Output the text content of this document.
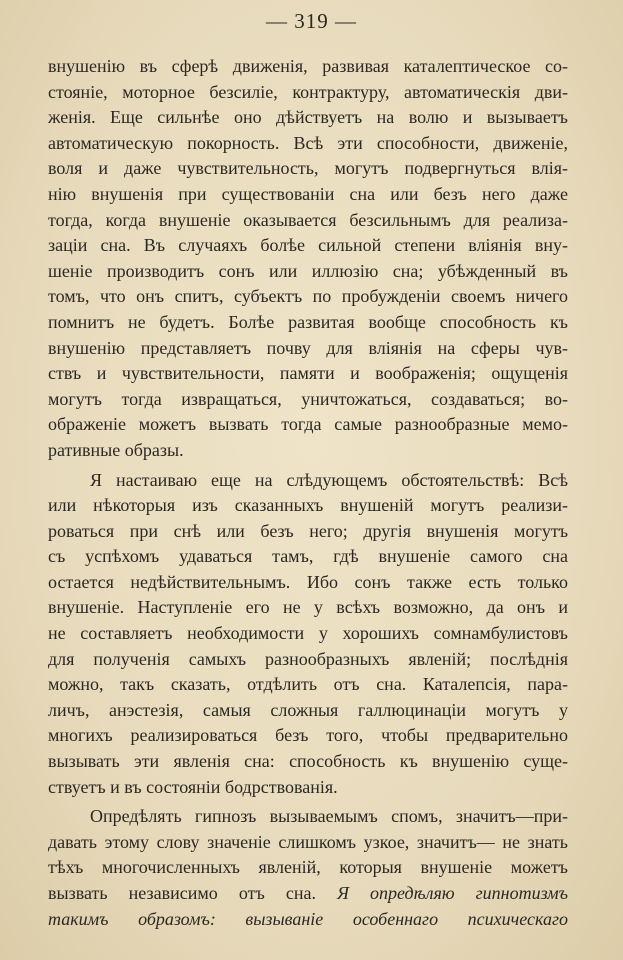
— 319 —
внушенію въ сферѣ движенія, развивая каталептическое со-
стояніе, моторное безсиліе, контрактуру, автоматическія дви-
женія. Еще сильнѣе оно дѣйствуетъ на волю и вызываетъ
автоматическую покорность. Всѣ эти способности, движеніе,
воля и даже чувствительность, могутъ подвергнуться влія-
нію внушенія при существованіи сна или безъ него даже
тогда, когда внушеніе оказывается безсильнымъ для реализа-
заціи сна. Въ случаяхъ болѣе сильной степени вліянія вну-
шеніе производитъ сонъ или иллюзію сна; убѣжденный въ
томъ, что онъ спитъ, субъектъ по пробужденіи своемъ ничего
помнитъ не будетъ. Болѣе развитая вообще способность къ
внушенію представляетъ почву для вліянія на сферы чув-
ствъ и чувствительности, памяти и воображенія; ощущенія
могутъ тогда извращаться, уничтожаться, создаваться; во-
ображеніе можетъ вызвать тогда самые разнообразные мемо-
ративные образы.
Я настаиваю еще на слѣдующемъ обстоятельствѣ: Всѣ
или нѣкоторыя изъ сказанныхъ внушеній могутъ реализи-
роваться при снѣ или безъ него; другія внушенія могутъ
съ успѣхомъ удаваться тамъ, гдѣ внушеніе самого сна
остается недѣйствительнымъ. Ибо сонъ также есть только
внушеніе. Наступленіе его не у всѣхъ возможно, да онъ и
не составляетъ необходимости у хорошихъ сомнамбулистовъ
для полученія самыхъ разнообразныхъ явленій; послѣднія
можно, такъ сказать, отдѣлить отъ сна. Каталепсія, пара-
личъ, анэстезія, самыя сложныя галлюцинаціи могутъ у
многихъ реализироваться безъ того, чтобы предварительно
вызывать эти явленія сна: способность къ внушенію суще-
ствуетъ и въ состояніи бодрствованія.
Опредѣлять гипнозъ вызываемымъ спомъ, значитъ—при-
давать этому слову значеніе слишкомъ узкое, значитъ— не знать
тѣхъ многочисленныхъ явленій, которыя внушеніе можетъ
вызвать независимо отъ сна. Я опредѣляю гипнотизмъ
такимъ образомъ: вызываніе особеннаго психическаго
